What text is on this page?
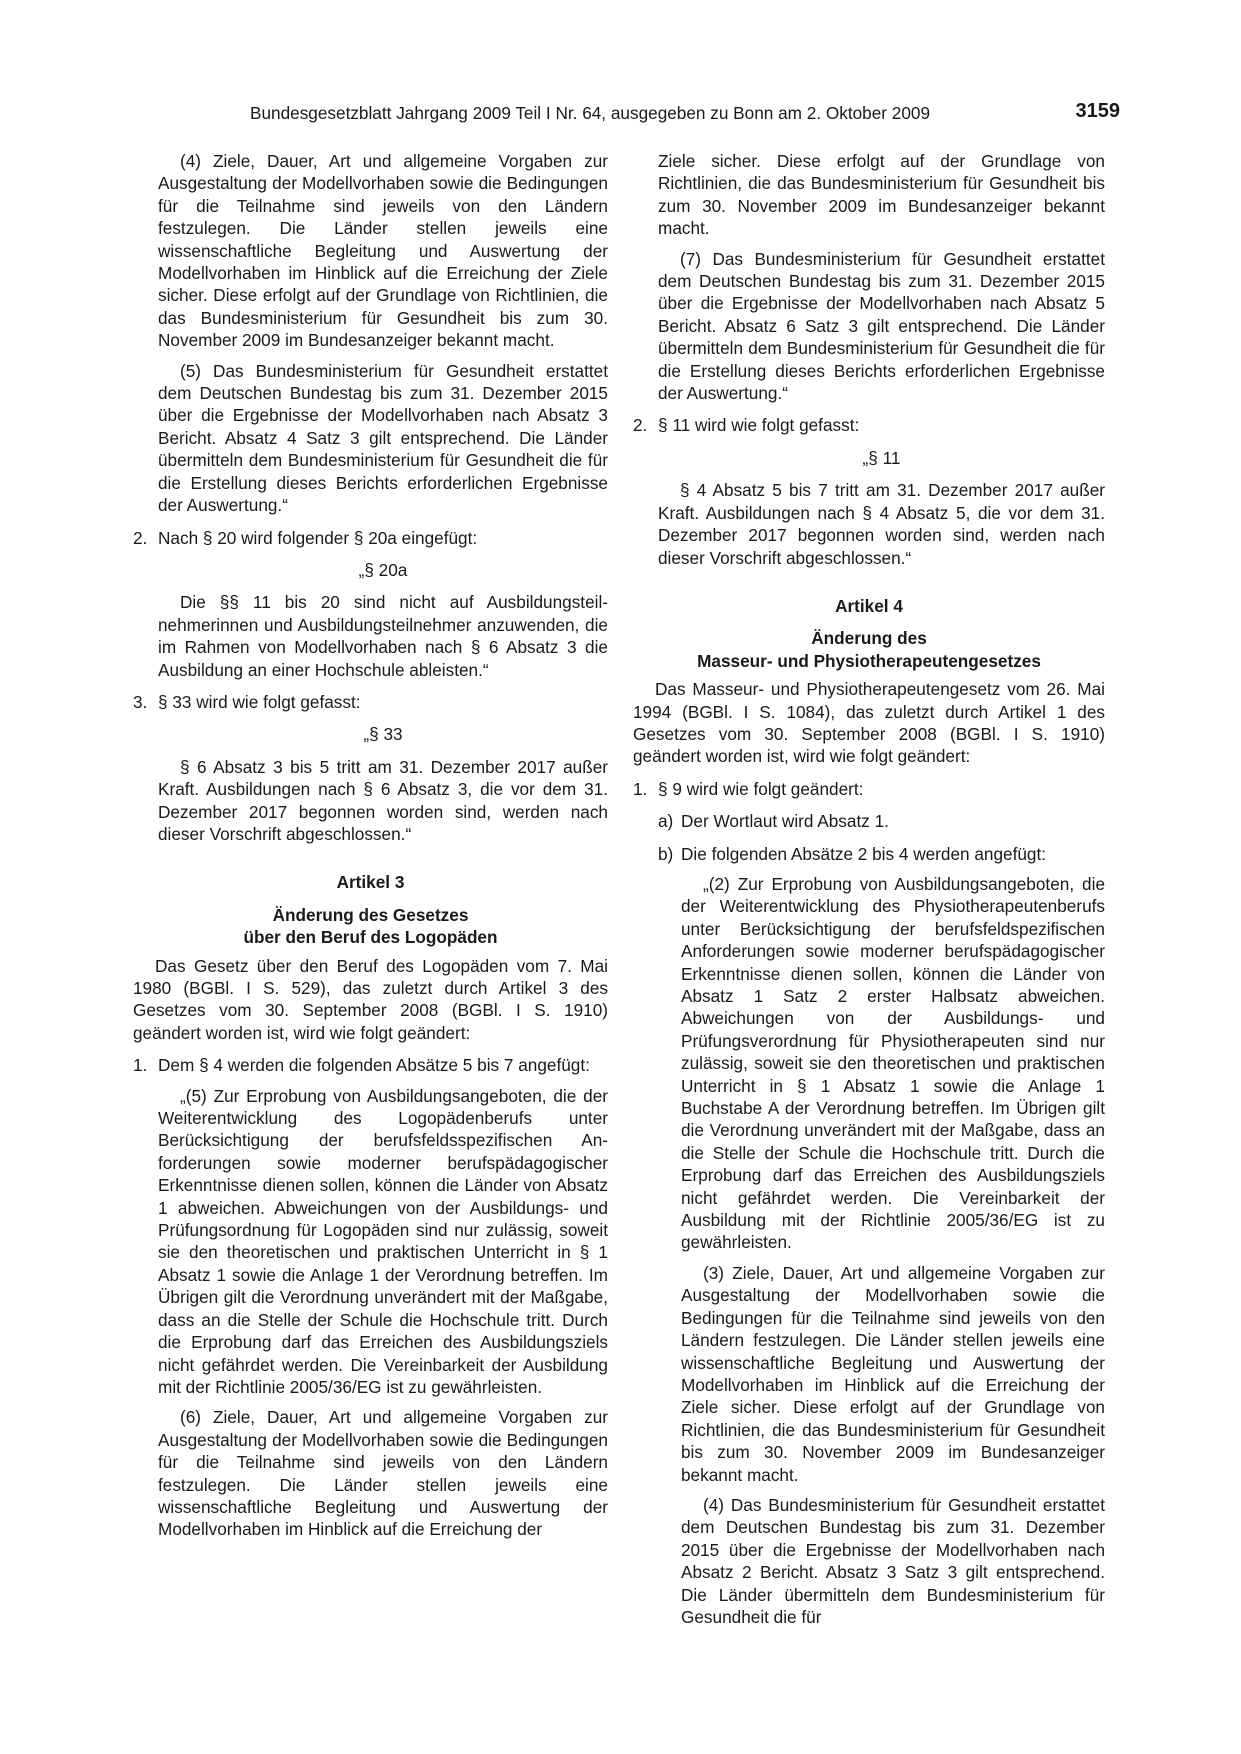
Bundesgesetzblatt Jahrgang 2009 Teil I Nr. 64, ausgegeben zu Bonn am 2. Oktober 2009	3159

(4) Ziele, Dauer, Art und allgemeine Vorgaben zur Ausgestaltung der Modellvorhaben sowie die Bedingungen für die Teilnahme sind jeweils von den Ländern festzulegen. Die Länder stellen jeweils eine wissenschaftliche Begleitung und Auswertung der Modellvorhaben im Hinblick auf die Erreichung der Ziele sicher. Diese erfolgt auf der Grundlage von Richtlinien, die das Bundesministerium für Gesundheit bis zum 30. November 2009 im Bundesanzeiger bekannt macht.

(5) Das Bundesministerium für Gesundheit erstattet dem Deutschen Bundestag bis zum 31. Dezember 2015 über die Ergebnisse der Modellvorhaben nach Absatz 3 Bericht. Absatz 4 Satz 3 gilt entsprechend. Die Länder übermitteln dem Bundesministerium für Gesundheit die für die Erstellung dieses Berichts erforderlichen Ergebnisse der Auswertung.“

2. Nach § 20 wird folgender § 20a eingefügt:

„§ 20a

Die §§ 11 bis 20 sind nicht auf Ausbildungsteilnehmerinnen und Ausbildungsteilnehmer anzuwenden, die im Rahmen von Modellvorhaben nach § 6 Absatz 3 die Ausbildung an einer Hochschule ablеisten.“

3. § 33 wird wie folgt gefasst:

„§ 33

§ 6 Absatz 3 bis 5 tritt am 31. Dezember 2017 außer Kraft. Ausbildungen nach § 6 Absatz 3, die vor dem 31. Dezember 2017 begonnen worden sind, werden nach dieser Vorschrift abgeschlossen.“

Artikel 3

Änderung des Gesetzes
über den Beruf des Logopäden

Das Gesetz über den Beruf des Logopäden vom 7. Mai 1980 (BGBl. I S. 529), das zuletzt durch Artikel 3 des Gesetzes vom 30. September 2008 (BGBl. I S. 1910) geändert worden ist, wird wie folgt geändert:

1. Dem § 4 werden die folgenden Absätze 5 bis 7 angefügt:

„(5) Zur Erprobung von Ausbildungsangeboten, die der Weiterentwicklung des Logopädenberufs unter Berücksichtigung der berufsfeldsspezifischen Anforderungen sowie moderner berufspädagogischer Erkenntnisse dienen sollen, können die Länder von Absatz 1 abweichen. Abweichungen von der Ausbildungs- und Prüfungsordnung für Logopäden sind nur zulässig, soweit sie den theoretischen und praktischen Unterricht in § 1 Absatz 1 sowie die Anlage 1 der Verordnung betreffen. Im Übrigen gilt die Verordnung unverändert mit der Maßgabe, dass an die Stelle der Schule die Hochschule tritt. Durch die Erprobung darf das Erreichen des Ausbildungsziels nicht gefährdet werden. Die Vereinbarkeit der Ausbildung mit der Richtlinie 2005/36/EG ist zu gewährleisten.

(6) Ziele, Dauer, Art und allgemeine Vorgaben zur Ausgestaltung der Modellvorhaben sowie die Bedingungen für die Teilnahme sind jeweils von den Ländern festzulegen. Die Länder stellen jeweils eine wissenschaftliche Begleitung und Auswertung der Modellvorhaben im Hinblick auf die Erreichung der

Ziele sicher. Diese erfolgt auf der Grundlage von Richtlinien, die das Bundesministerium für Gesundheit bis zum 30. November 2009 im Bundesanzeiger bekannt macht.

(7) Das Bundesministerium für Gesundheit erstattet dem Deutschen Bundestag bis zum 31. Dezember 2015 über die Ergebnisse der Modellvorhaben nach Absatz 5 Bericht. Absatz 6 Satz 3 gilt entsprechend. Die Länder übermitteln dem Bundesministerium für Gesundheit die für die Erstellung dieses Berichts erforderlichen Ergebnisse der Auswertung.“

2. § 11 wird wie folgt gefasst:

„§ 11

§ 4 Absatz 5 bis 7 tritt am 31. Dezember 2017 außer Kraft. Ausbildungen nach § 4 Absatz 5, die vor dem 31. Dezember 2017 begonnen worden sind, werden nach dieser Vorschrift abgeschlossen.“

Artikel 4

Änderung des
Masseur- und Physiotherapeutengesetzes

Das Masseur- und Physiotherapeutengesetz vom 26. Mai 1994 (BGBl. I S. 1084), das zuletzt durch Artikel 1 des Gesetzes vom 30. September 2008 (BGBl. I S. 1910) geändert worden ist, wird wie folgt geändert:

1. § 9 wird wie folgt geändert:

a) Der Wortlaut wird Absatz 1.

b) Die folgenden Absätze 2 bis 4 werden angefügt:

„(2) Zur Erprobung von Ausbildungsangeboten, die der Weiterentwicklung des Physiotherapeutenberufs unter Berücksichtigung der berufsfeldspezifischen Anforderungen sowie moderner berufspädagogischer Erkenntnisse dienen sollen, können die Länder von Absatz 1 Satz 2 erster Halbsatz abweichen. Abweichungen von der Ausbildungs- und Prüfungsverordnung für Physiotherapeuten sind nur zulässig, soweit sie den theoretischen und praktischen Unterricht in § 1 Absatz 1 sowie die Anlage 1 Buchstabe A der Verordnung betreffen. Im Übrigen gilt die Verordnung unverändert mit der Maßgabe, dass an die Stelle der Schule die Hochschule tritt. Durch die Erprobung darf das Erreichen des Ausbildungsziels nicht gefährdet werden. Die Vereinbarkeit der Ausbildung mit der Richtlinie 2005/36/EG ist zu gewährleisten.

(3) Ziele, Dauer, Art und allgemeine Vorgaben zur Ausgestaltung der Modellvorhaben sowie die Bedingungen für die Teilnahme sind jeweils von den Ländern festzulegen. Die Länder stellen jeweils eine wissenschaftliche Begleitung und Auswertung der Modellvorhaben im Hinblick auf die Erreichung der Ziele sicher. Diese erfolgt auf der Grundlage von Richtlinien, die das Bundesministerium für Gesundheit bis zum 30. November 2009 im Bundesanzeiger bekannt macht.

(4) Das Bundesministerium für Gesundheit erstattet dem Deutschen Bundestag bis zum 31. Dezember 2015 über die Ergebnisse der Modellvorhaben nach Absatz 2 Bericht. Absatz 3 Satz 3 gilt entsprechend. Die Länder übermitteln dem Bundesministerium für Gesundheit die für
